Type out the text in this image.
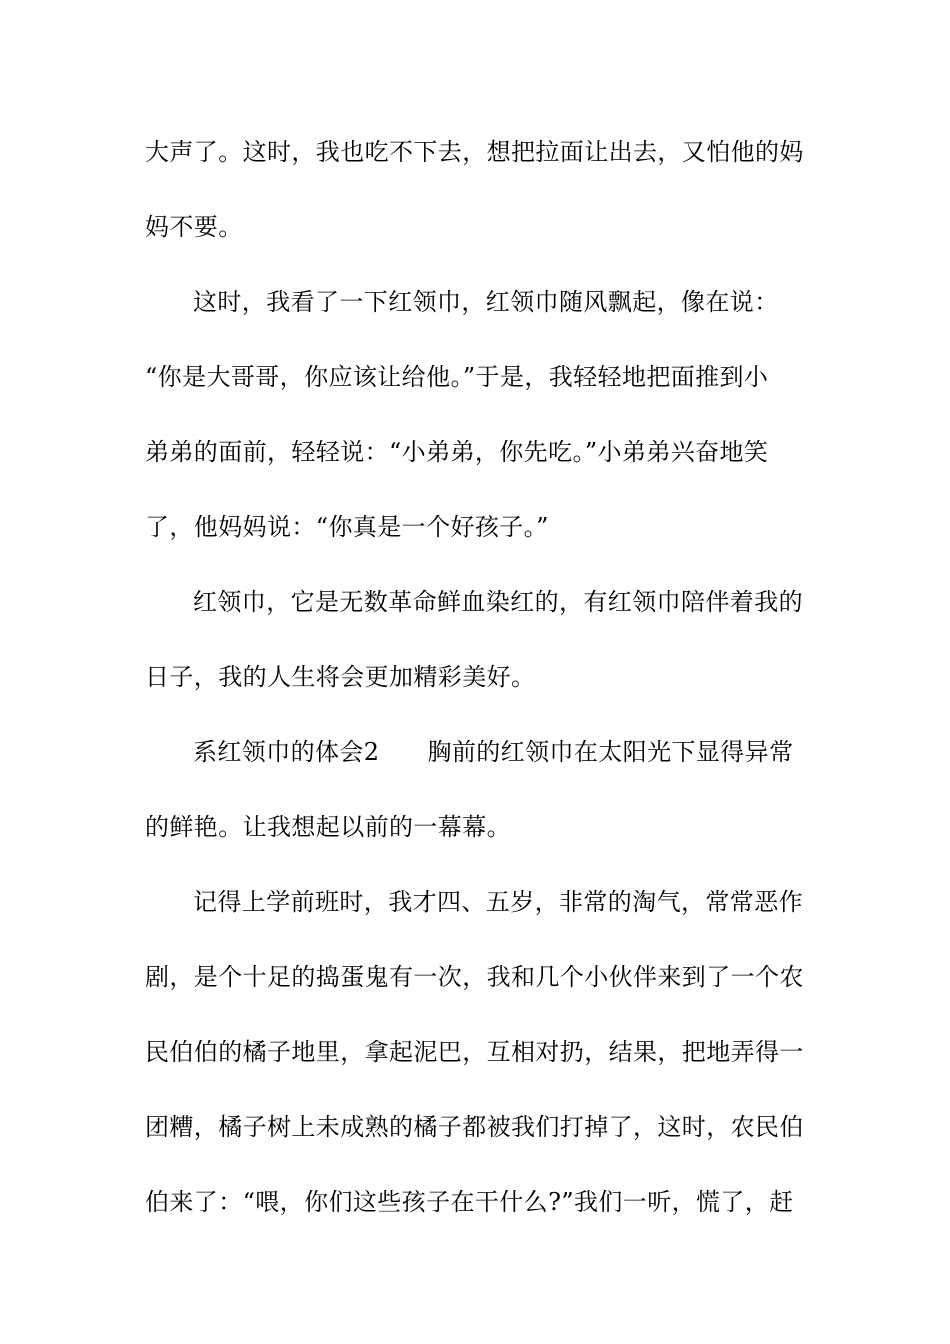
大声了。这时，我也吃不下去，想把拉面让出去，又怕他的妈
妈不要。
这时，我看了一下红领巾，红领巾随风飘起，像在说：
“你是大哥哥，你应该让给他。”于是，我轻轻地把面推到小
弟弟的面前，轻轻说：“小弟弟，你先吃。”小弟弟兴奋地笑
了，他妈妈说：“你真是一个好孩子。”
红领巾，它是无数革命鲜血染红的，有红领巾陪伴着我的
日子，我的人生将会更加精彩美好。
系红领巾的体会2 胸前的红领巾在太阳光下显得异常
的鲜艳。让我想起以前的一幕幕。
记得上学前班时，我才四、五岁，非常的淘气，常常恶作
剧，是个十足的捣蛋鬼有一次，我和几个小伙伴来到了一个农
民伯伯的橘子地里，拿起泥巴，互相对扔，结果，把地弄得一
团糟，橘子树上未成熟的橘子都被我们打掉了，这时，农民伯
伯来了：“喂，你们这些孩子在干什么?”我们一听，慌了，赶
